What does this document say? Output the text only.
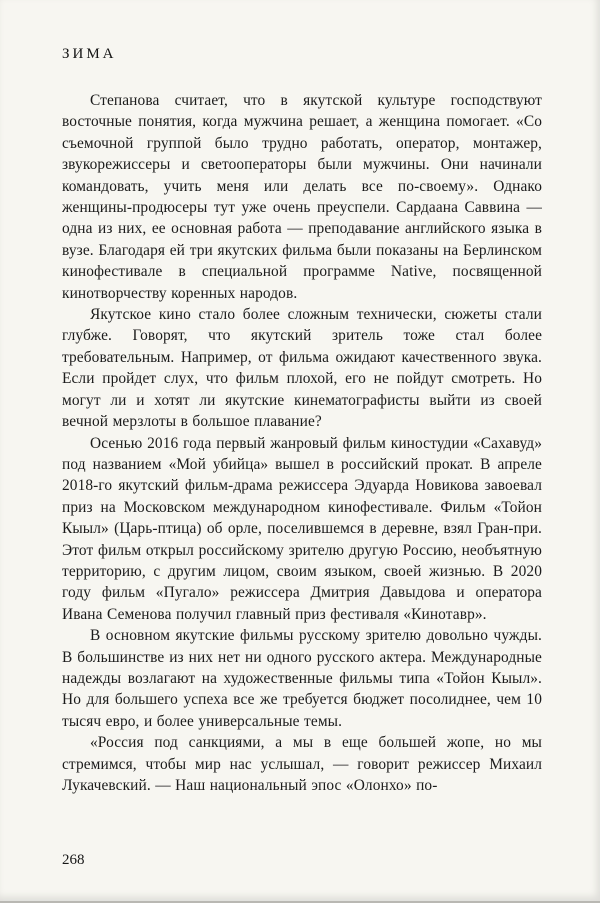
ЗИМА

Степанова считает, что в якутской культуре господствуют восточные понятия, когда мужчина решает, а женщина помогает. «Со съемочной группой было трудно работать, оператор, монтажер, звукорежиссеры и светооператоры были мужчины. Они начинали командовать, учить меня или делать все по-своему». Однако женщины-продюсеры тут уже очень преуспели. Сардаана Саввина — одна из них, ее основная работа — преподавание английского языка в вузе. Благодаря ей три якутских фильма были показаны на Берлинском кинофестивале в специальной программе Native, посвященной кинотворчеству коренных народов.

Якутское кино стало более сложным технически, сюжеты стали глубже. Говорят, что якутский зритель тоже стал более требовательным. Например, от фильма ожидают качественного звука. Если пройдет слух, что фильм плохой, его не пойдут смотреть. Но могут ли и хотят ли якутские кинематографисты выйти из своей вечной мерзлоты в большое плавание?

Осенью 2016 года первый жанровый фильм киностудии «Сахавуд» под названием «Мой убийца» вышел в российский прокат. В апреле 2018-го якутский фильм-драма режиссера Эдуарда Новикова завоевал приз на Московском международном кинофестивале. Фильм «Тойон Кыыл» (Царь-птица) об орле, поселившемся в деревне, взял Гран-при. Этот фильм открыл российскому зрителю другую Россию, необъятную территорию, с другим лицом, своим языком, своей жизнью. В 2020 году фильм «Пугало» режиссера Дмитрия Давыдова и оператора Ивана Семенова получил главный приз фестиваля «Кинотавр».

В основном якутские фильмы русскому зрителю довольно чужды. В большинстве из них нет ни одного русского актера. Международные надежды возлагают на художественные фильмы типа «Тойон Кыыл». Но для большего успеха все же требуется бюджет посолиднее, чем 10 тысяч евро, и более универсальные темы.

«Россия под санкциями, а мы в еще большей жопе, но мы стремимся, чтобы мир нас услышал, — говорит режиссер Михаил Лукачевский. — Наш национальный эпос «Олонхо» по-

268
